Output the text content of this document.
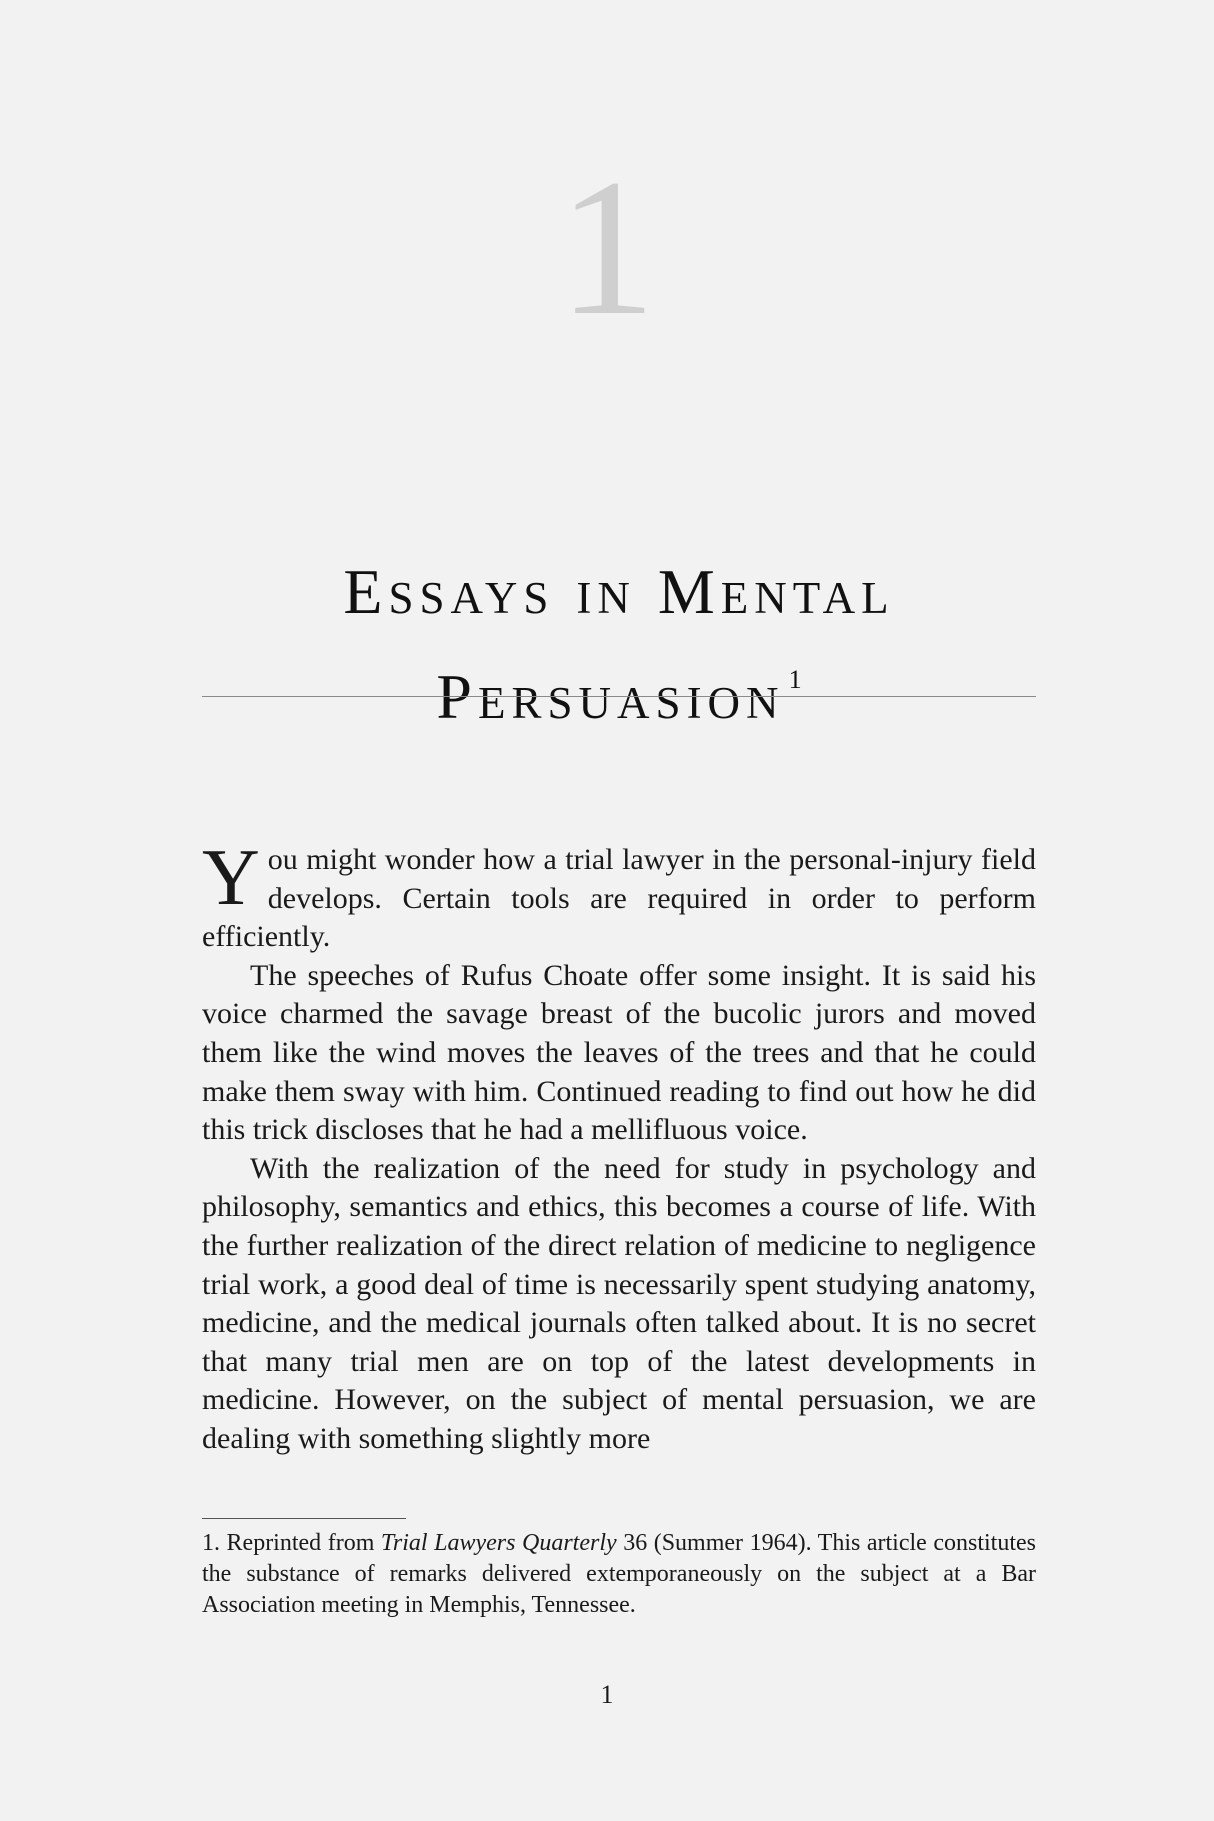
1
Essays in Mental
Persuasion $^1$

You might wonder how a trial lawyer in the personal-injury field develops. Certain tools are required in order to perform efficiently.

The speeches of Rufus Choate offer some insight. It is said his voice charmed the savage breast of the bucolic jurors and moved them like the wind moves the leaves of the trees and that he could make them sway with him. Continued reading to find out how he did this trick discloses that he had a mellifluous voice.

With the realization of the need for study in psychology and philosophy, semantics and ethics, this becomes a course of life. With the further realization of the direct relation of medicine to negligence trial work, a good deal of time is necessarily spent studying anatomy, medicine, and the medical journals often talked about. It is no secret that many trial men are on top of the latest developments in medicine. However, on the subject of mental persuasion, we are dealing with something slightly more

1. Reprinted from Trial Lawyers Quarterly 36 (Summer 1964). This article constitutes the substance of remarks delivered extemporaneously on the subject at a Bar Association meeting in Memphis, Tennessee.
1
